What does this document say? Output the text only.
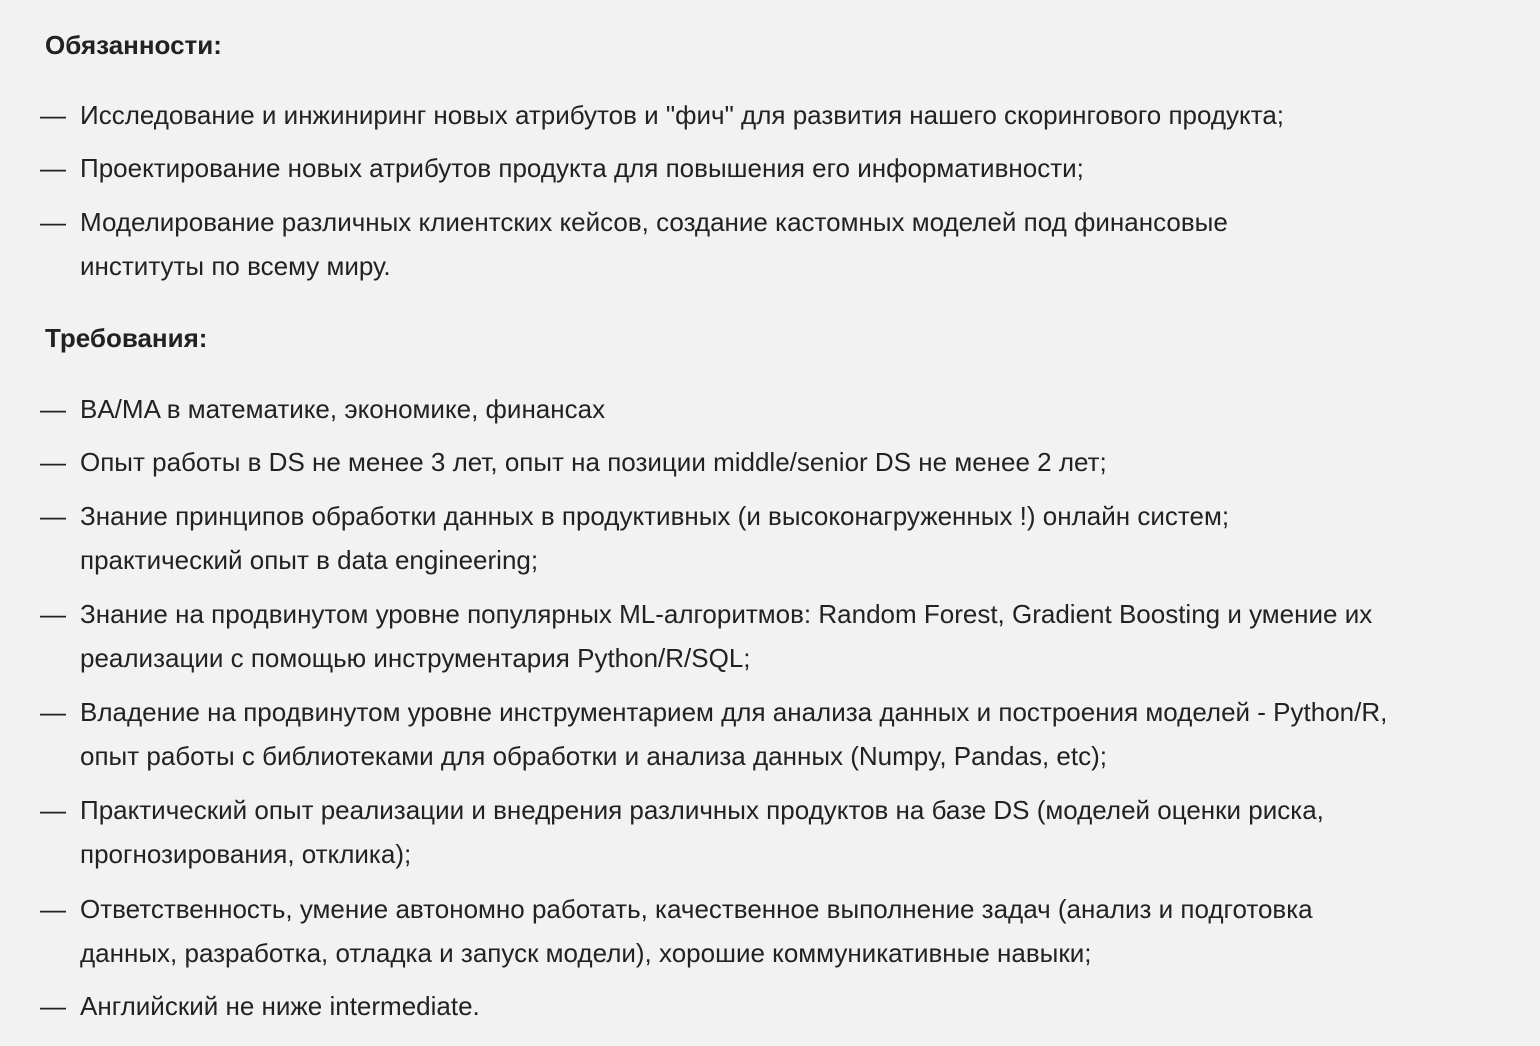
Обязанности:
— Исследование и инжиниринг новых атрибутов и "фич" для развития нашего скорингового продукта;
— Проектирование новых атрибутов продукта для повышения его информативности;
— Моделирование различных клиентских кейсов, создание кастомных моделей под финансовые институты по всему миру.
Требования:
— BA/MA в математике, экономике, финансах
— Опыт работы в DS не менее 3 лет, опыт на позиции middle/senior DS не менее 2 лет;
— Знание принципов обработки данных в продуктивных (и высоконагруженных !) онлайн систем; практический опыт в data engineering;
— Знание на продвинутом уровне популярных ML-алгоритмов: Random Forest, Gradient Boosting и умение их реализации с помощью инструментария Python/R/SQL;
— Владение на продвинутом уровне инструментарием для анализа данных и построения моделей - Python/R, опыт работы с библиотеками для обработки и анализа данных (Numpy, Pandas, etc);
— Практический опыт реализации и внедрения различных продуктов на базе DS (моделей оценки риска, прогнозирования, отклика);
— Ответственность, умение автономно работать, качественное выполнение задач (анализ и подготовка данных, разработка, отладка и запуск модели), хорошие коммуникативные навыки;
— Английский не ниже intermediate.
